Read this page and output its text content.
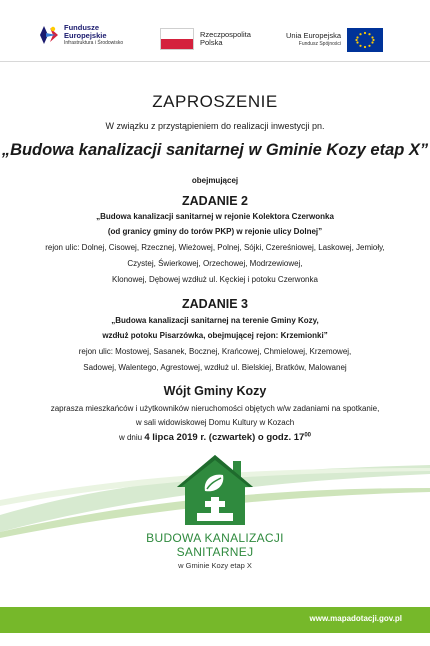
Fundusze
Europejskie
Infrastruktura i Środowisko
Rzeczpospolita
Polska
Unia Europejska
Fundusz Spójności
ZAPROSZENIE
W związku z przystąpieniem do realizacji inwestycji pn.
„Budowa kanalizacji sanitarnej w Gminie Kozy etap X”
obejmującej
ZADANIE 2
„Budowa kanalizacji sanitarnej w rejonie Kolektora Czerwonka
(od granicy gminy do torów PKP) w rejonie ulicy Dolnej”
rejon ulic: Dolnej, Cisowej, Rzecznej, Wieżowej, Polnej, Sójki, Czereśniowej, Laskowej, Jemioły,
Czystej, Świerkowej, Orzechowej, Modrzewiowej,
Klonowej, Dębowej wzdłuż ul. Kęckiej i potoku Czerwonka
ZADANIE 3
„Budowa kanalizacji sanitarnej na terenie Gminy Kozy,
wzdłuż potoku Pisarzówka, obejmującej rejon: Krzemionki”
rejon ulic: Mostowej, Sasanek, Bocznej, Krańcowej, Chmielowej, Krzemowej,
Sadowej, Walentego, Agrestowej, wzdłuż ul. Bielskiej, Bratków, Malowanej
Wójt Gminy Kozy
zaprasza mieszkańców i użytkowników nieruchomości objętych w/w zadaniami na spotkanie,
w sali widowiskowej Domu Kultury w Kozach
w dniu 4 lipca 2019 r. (czwartek) o godz. $17^{00}$
BUDOWA KANALIZACJI
SANITARNEJ
w Gminie Kozy etap X
www.mapadotacji.gov.pl
